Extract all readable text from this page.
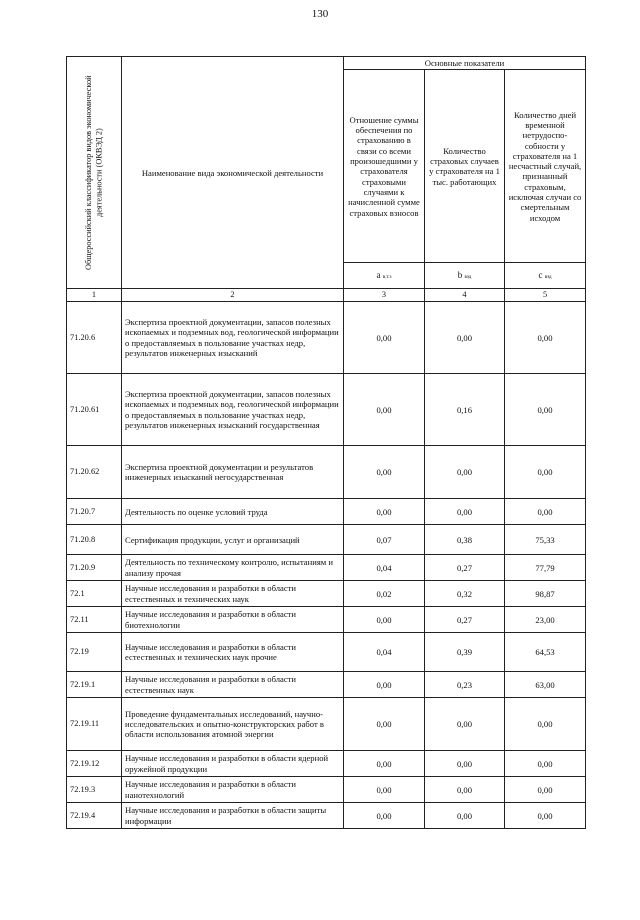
130
Общероссийский классификатор видов экономической деятельности (ОКВЭД 2)	Наименование вида экономической деятельности	Основные показатели		
		Отношение суммы обеспечения по страхованию в связи со всеми произошедшими у страхователя страховыми случаями к начисленной сумме страховых взносов	Количество страховых случаев у страхователя на 1 тыс. работающих	Количество дней временной нетрудоспо-собности у страхователя на 1 несчастный случай, признанный страховым, исключая случаи со смертельным исходом
		a в.т.з	b вэд	c вэд
1	2	3	4	5
71.20.6	Экспертиза проектной документации, запасов полезных ископаемых и подземных вод, геологической информации о предоставляемых в пользование участках недр, результатов инженерных изысканий	0,00	0,00	0,00
71.20.61	Экспертиза проектной документации, запасов полезных ископаемых и подземных вод, геологической информации о предоставляемых в пользование участках недр, результатов инженерных изысканий государственная	0,00	0,16	0,00
71.20.62	Экспертиза проектной документации и результатов инженерных изысканий негосударственная	0,00	0,00	0,00
71.20.7	Деятельность по оценке условий труда	0,00	0,00	0,00
71.20.8	Сертификация продукции, услуг и организаций	0,07	0,38	75,33
71.20.9	Деятельность по техническому контролю, испытаниям и анализу прочая	0,04	0,27	77,79
72.1	Научные исследования и разработки в области естественных и технических наук	0,02	0,32	98,87
72.11	Научные исследования и разработки в области биотехнологии	0,00	0,27	23,00
72.19	Научные исследования и разработки в области естественных и технических наук прочие	0,04	0,39	64,53
72.19.1	Научные исследования и разработки в области естественных наук	0,00	0,23	63,00
72.19.11	Проведение фундаментальных исследований, научно-исследовательских и опытно-конструкторских работ в области использования атомной энергии	0,00	0,00	0,00
72.19.12	Научные исследования и разработки в области ядерной оружейной продукции	0,00	0,00	0,00
72.19.3	Научные исследования и разработки в области нанотехнологий	0,00	0,00	0,00
72.19.4	Научные исследования и разработки в области защиты информации	0,00	0,00	0,00
